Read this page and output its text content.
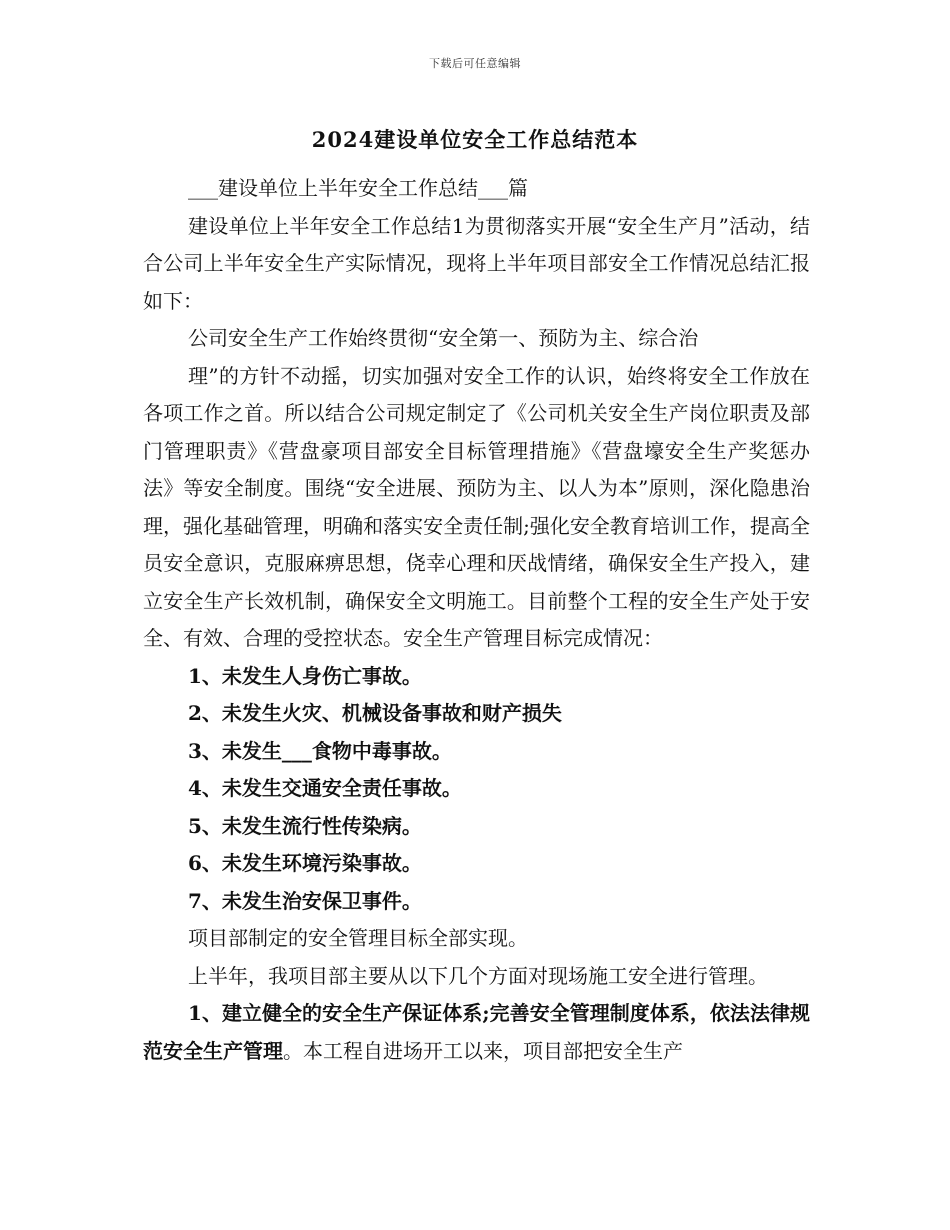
下载后可任意编辑
2024建设单位安全工作总结范本

___建设单位上半年安全工作总结___篇

建设单位上半年安全工作总结1为贯彻落实开展“安全生产月”活动，结合公司上半年安全生产实际情况，现将上半年项目部安全工作情况总结汇报如下：

公司安全生产工作始终贯彻“安全第一、预防为主、综合治

理”的方针不动摇，切实加强对安全工作的认识，始终将安全工作放在各项工作之首。所以结合公司规定制定了《公司机关安全生产岗位职责及部门管理职责》《营盘豪项目部安全目标管理措施》《营盘壕安全生产奖惩办法》等安全制度。围绕“安全进展、预防为主、以人为本”原则，深化隐患治理，强化基础管理，明确和落实安全责任制;强化安全教育培训工作，提高全员安全意识，克服麻痹思想，侥幸心理和厌战情绪，确保安全生产投入，建立安全生产长效机制，确保安全文明施工。目前整个工程的安全生产处于安全、有效、合理的受控状态。安全生产管理目标完成情况：

1、未发生人身伤亡事故。

2、未发生火灾、机械设备事故和财产损失

3、未发生___食物中毒事故。

4、未发生交通安全责任事故。

5、未发生流行性传染病。

6、未发生环境污染事故。

7、未发生治安保卫事件。

项目部制定的安全管理目标全部实现。

上半年，我项目部主要从以下几个方面对现场施工安全进行管理。

1、建立健全的安全生产保证体系;完善安全管理制度体系，依法法律规范安全生产管理。本工程自进场开工以来，项目部把安全生产
